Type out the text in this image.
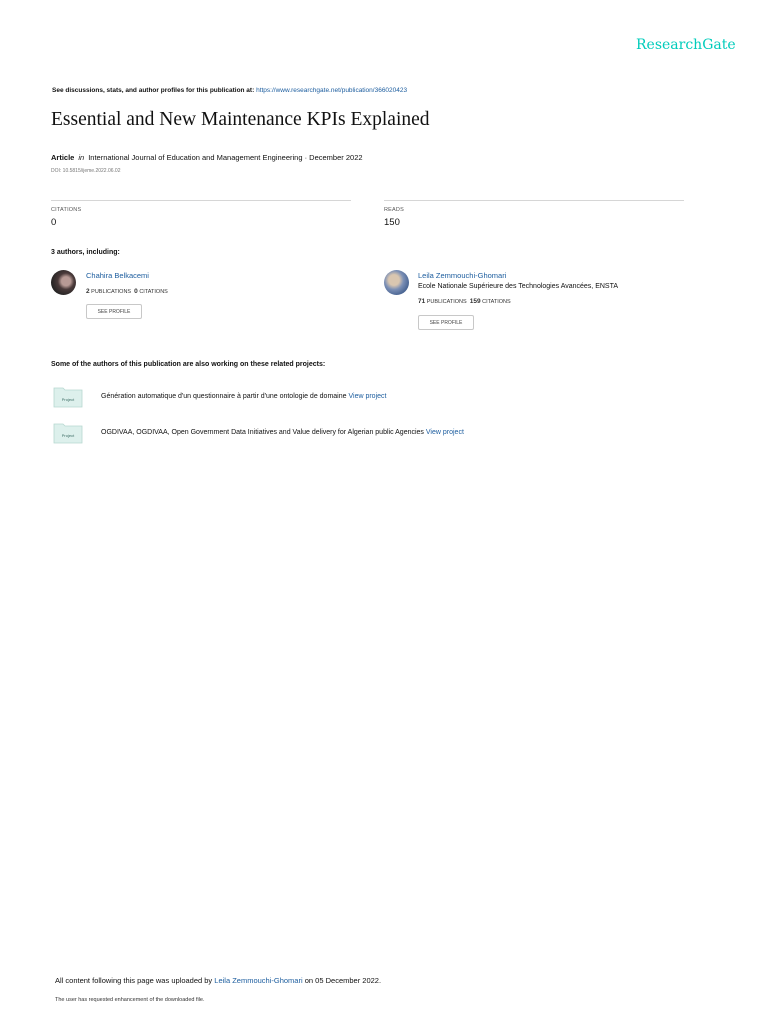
ResearchGate
See discussions, stats, and author profiles for this publication at: https://www.researchgate.net/publication/366020423
Essential and New Maintenance KPIs Explained
Article in International Journal of Education and Management Engineering · December 2022
DOI: 10.5815/ijeme.2022.06.02
CITATIONS
0
READS
150
3 authors, including:
Chahira Belkacemi
2 PUBLICATIONS 0 CITATIONS
SEE PROFILE
Leila Zemmouchi-Ghomari
Ecole Nationale Supérieure des Technologies Avancées, ENSTA
71 PUBLICATIONS 159 CITATIONS
SEE PROFILE
Some of the authors of this publication are also working on these related projects:
Project	Génération automatique d'un questionnaire à partir d'une ontologie de domaine View project
Project	OGDIVAA, OGDIVAA, Open Government Data Initiatives and Value delivery for Algerian public Agencies View project
All content following this page was uploaded by Leila Zemmouchi-Ghomari on 05 December 2022.
The user has requested enhancement of the downloaded file.
